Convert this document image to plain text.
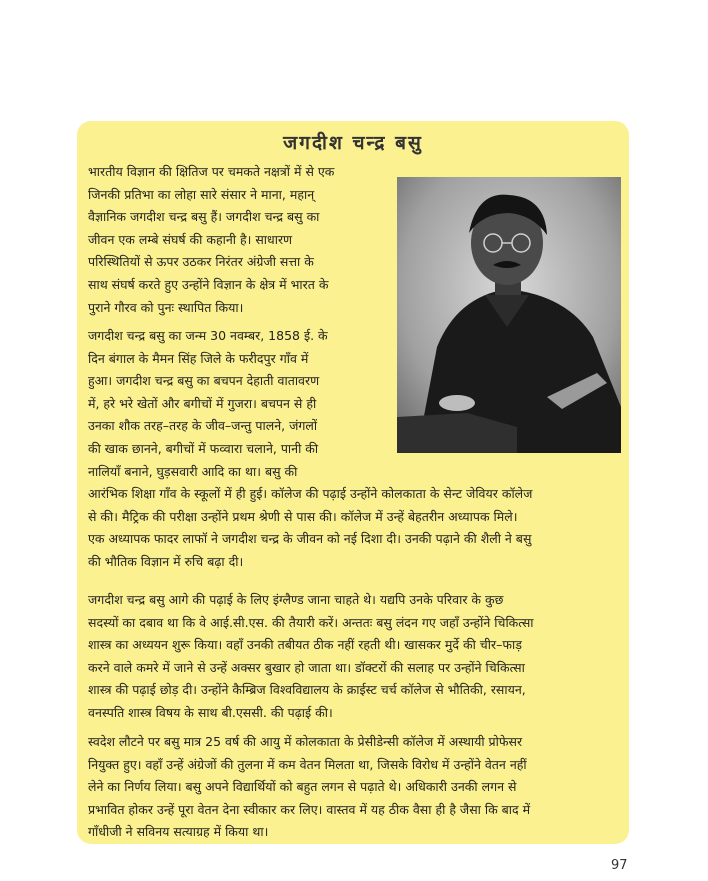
जगदीश चन्द्र बसु
भारतीय विज्ञान की क्षितिज पर चमकते नक्षत्रों में से एक
जिनकी प्रतिभा का लोहा सारे संसार ने माना, महान्
वैज्ञानिक जगदीश चन्द्र बसु हैं। जगदीश चन्द्र बसु का
जीवन एक लम्बे संघर्ष की कहानी है। साधारण
परिस्थितियों से ऊपर उठकर निरंतर अंग्रेजी सत्ता के
साथ संघर्ष करते हुए उन्होंने विज्ञान के क्षेत्र में भारत के
पुराने गौरव को पुनः स्थापित किया।
जगदीश चन्द्र बसु का जन्म 30 नवम्बर, 1858 ई. के
दिन बंगाल के मैमन सिंह जिले के फरीदपुर गाँव में
हुआ। जगदीश चन्द्र बसु का बचपन देहाती वातावरण
में, हरे भरे खेतों और बगीचों में गुजरा। बचपन से ही
उनका शौक तरह–तरह के जीव–जन्तु पालने, जंगलों
की खाक छानने, बगीचों में फव्वारा चलाने, पानी की
नालियाँ बनाने, घुड़सवारी आदि का था। बसु की
आरंभिक शिक्षा गाँव के स्कूलों में ही हुई। कॉलेज की पढ़ाई उन्होंने कोलकाता के सेन्ट जेवियर कॉलेज
से की। मैट्रिक की परीक्षा उन्होंने प्रथम श्रेणी से पास की। कॉलेज में उन्हें बेहतरीन अध्यापक मिले।
एक अध्यापक फादर लाफॉ ने जगदीश चन्द्र के जीवन को नई दिशा दी। उनकी पढ़ाने की शैली ने बसु
की भौतिक विज्ञान में रुचि बढ़ा दी।
जगदीश चन्द्र बसु आगे की पढ़ाई के लिए इंग्लैण्ड जाना चाहते थे। यद्यपि उनके परिवार के कुछ
सदस्यों का दबाव था कि वे आई.सी.एस. की तैयारी करें। अन्ततः बसु लंदन गए जहाँ उन्होंने चिकित्सा
शास्त्र का अध्ययन शुरू किया। वहाँ उनकी तबीयत ठीक नहीं रहती थी। खासकर मुर्दे की चीर–फाड़
करने वाले कमरे में जाने से उन्हें अक्सर बुखार हो जाता था। डॉक्टरों की सलाह पर उन्होंने चिकित्सा
शास्त्र की पढ़ाई छोड़ दी। उन्होंने कैम्ब्रिज विश्वविद्यालय के क्राईस्ट चर्च कॉलेज से भौतिकी, रसायन,
वनस्पति शास्त्र विषय के साथ बी.एससी. की पढ़ाई की।
स्वदेश लौटने पर बसु मात्र 25 वर्ष की आयु में कोलकाता के प्रेसीडेन्सी कॉलेज में अस्थायी प्रोफेसर
नियुक्त हुए। वहाँ उन्हें अंग्रेजों की तुलना में कम वेतन मिलता था, जिसके विरोध में उन्होंने वेतन नहीं
लेने का निर्णय लिया। बसु अपने विद्यार्थियों को बहुत लगन से पढ़ाते थे। अधिकारी उनकी लगन से
प्रभावित होकर उन्हें पूरा वेतन देना स्वीकार कर लिए। वास्तव में यह ठीक वैसा ही है जैसा कि बाद में
गाँधीजी ने सविनय सत्याग्रह में किया था।
97
